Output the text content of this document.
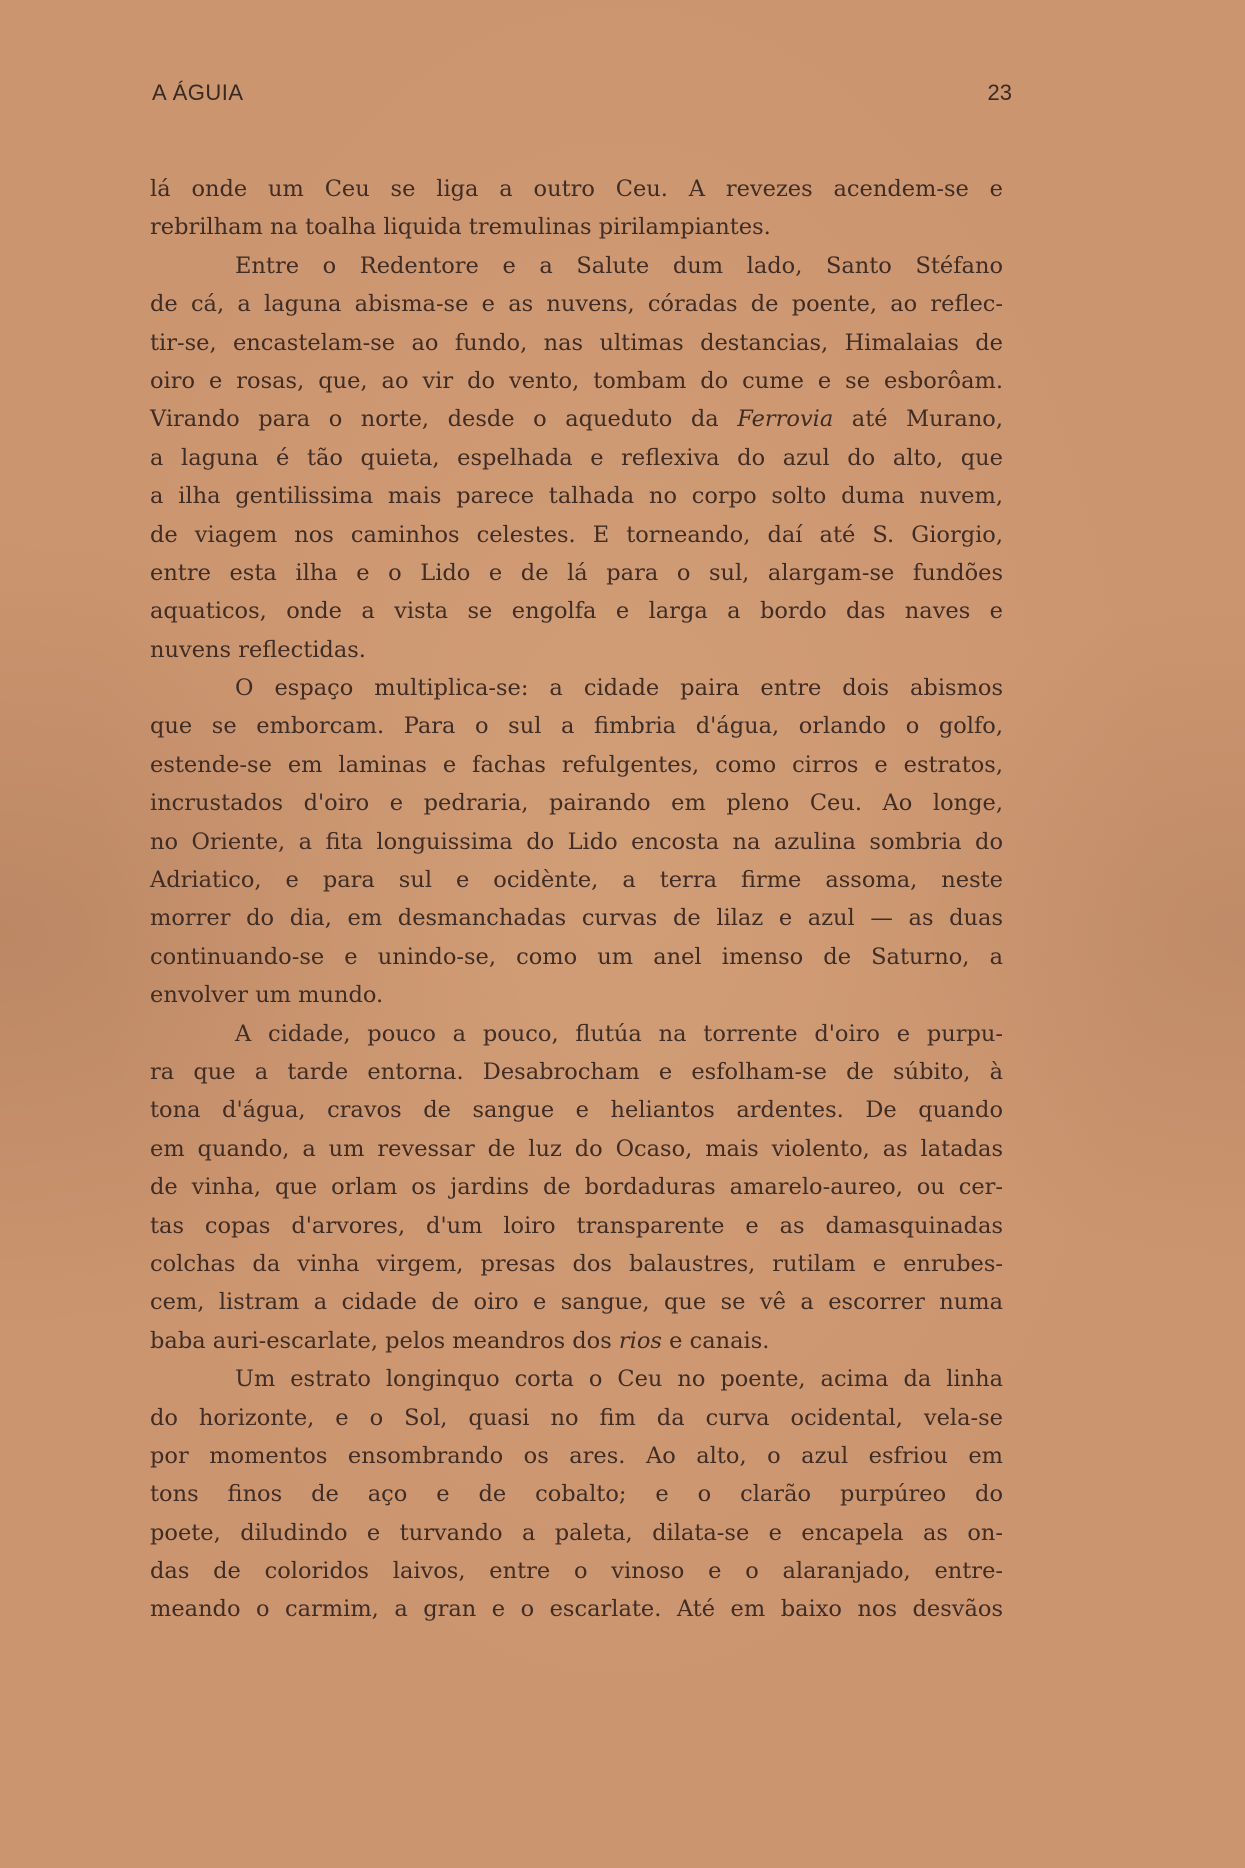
A ÁGUIA	23
lá onde um Ceu se liga a outro Ceu. A revezes acendem-se e
rebrilham na toalha liquida tremulinas pirilampiantes.
Entre o Redentore e a Salute dum lado, Santo Stéfano
de cá, a laguna abisma-se e as nuvens, córadas de poente, ao reflec-
tir-se, encastelam-se ao fundo, nas ultimas destancias, Himalaias de
oiro e rosas, que, ao vir do vento, tombam do cume e se esborôam.
Virando para o norte, desde o aqueduto da Ferrovia até Murano,
a laguna é tão quieta, espelhada e reflexiva do azul do alto, que
a ilha gentilissima mais parece talhada no corpo solto duma nuvem,
de viagem nos caminhos celestes. E torneando, daí até S. Giorgio,
entre esta ilha e o Lido e de lá para o sul, alargam-se fundões
aquaticos, onde a vista se engolfa e larga a bordo das naves e
nuvens reflectidas.
O espaço multiplica-se: a cidade paira entre dois abismos
que se emborcam. Para o sul a fimbria d'água, orlando o golfo,
estende-se em laminas e fachas refulgentes, como cirros e estratos,
incrustados d'oiro e pedraria, pairando em pleno Ceu. Ao longe,
no Oriente, a fita longuissima do Lido encosta na azulina sombria do
Adriatico, e para sul e ocidènte, a terra firme assoma, neste
morrer do dia, em desmanchadas curvas de lilaz e azul — as duas
continuando-se e unindo-se, como um anel imenso de Saturno, a
envolver um mundo.
A cidade, pouco a pouco, flutúa na torrente d'oiro e purpu-
ra que a tarde entorna. Desabrocham e esfolham-se de súbito, à
tona d'água, cravos de sangue e heliantos ardentes. De quando
em quando, a um revessar de luz do Ocaso, mais violento, as latadas
de vinha, que orlam os jardins de bordaduras amarelo-aureo, ou cer-
tas copas d'arvores, d'um loiro transparente e as damasquinadas
colchas da vinha virgem, presas dos balaustres, rutilam e enrubes-
cem, listram a cidade de oiro e sangue, que se vê a escorrer numa
baba auri-escarlate, pelos meandros dos rios e canais.
Um estrato longinquo corta o Ceu no poente, acima da linha
do horizonte, e o Sol, quasi no fim da curva ocidental, vela-se
por momentos ensombrando os ares. Ao alto, o azul esfriou em
tons finos de aço e de cobalto; e o clarão purpúreo do
poete, diludindo e turvando a paleta, dilata-se e encapela as on-
das de coloridos laivos, entre o vinoso e o alaranjado, entre-
meando o carmim, a gran e o escarlate. Até em baixo nos desvãos
